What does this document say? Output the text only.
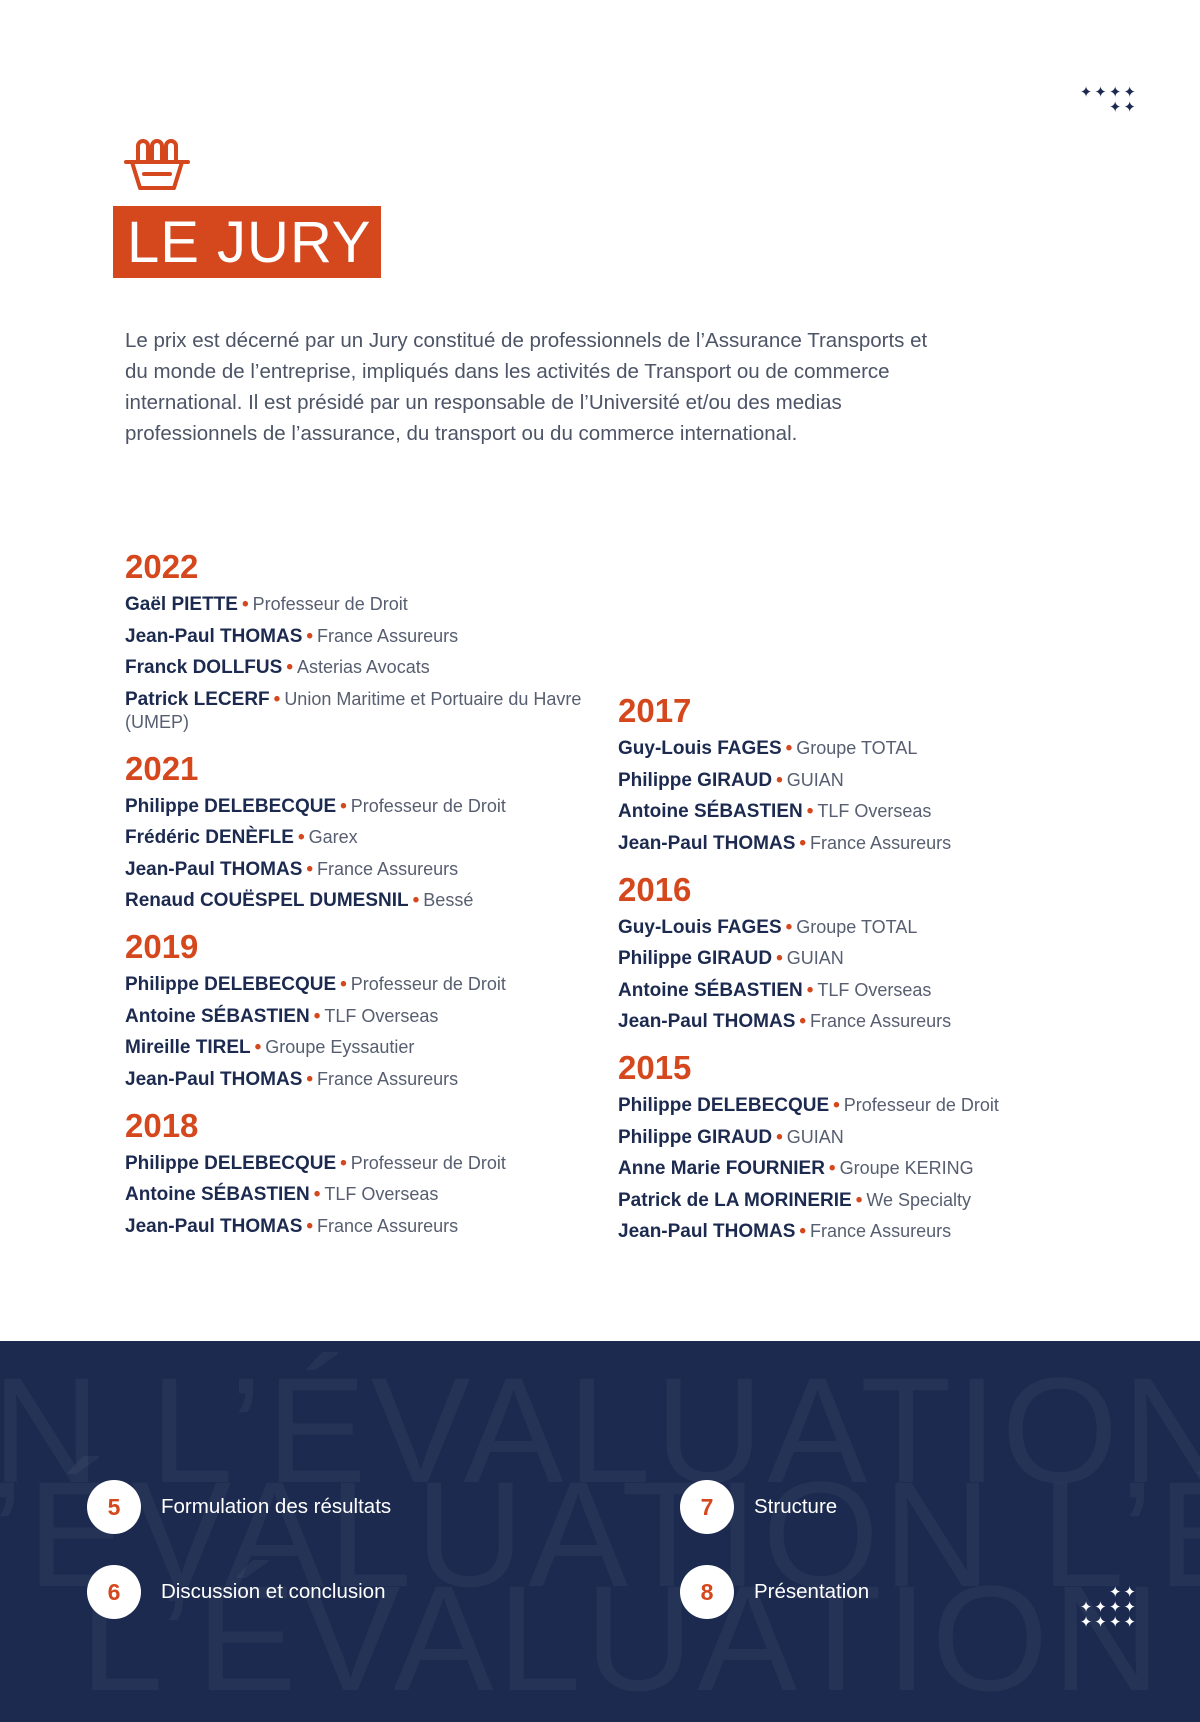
✦✦✦✦
✦✦
LE JURY

Le prix est décerné par un Jury constitué de professionnels de l’Assurance Transports et du monde de l’entreprise, impliqués dans les activités de Transport ou de commerce international. Il est présidé par un responsable de l’Université et/ou des medias professionnels de l’assurance, du transport ou du commerce international.

2022
Gaël PIETTE • Professeur de Droit
Jean-Paul THOMAS • France Assureurs
Franck DOLLFUS • Asterias Avocats
Patrick LECERF • Union Maritime et Portuaire du Havre (UMEP)
2021
Philippe DELEBECQUE • Professeur de Droit
Frédéric DENÈFLE • Garex
Jean-Paul THOMAS • France Assureurs
Renaud COUËSPEL DUMESNIL • Bessé
2019
Philippe DELEBECQUE • Professeur de Droit
Antoine SÉBASTIEN • TLF Overseas
Mireille TIREL • Groupe Eyssautier
Jean-Paul THOMAS • France Assureurs
2018
Philippe DELEBECQUE • Professeur de Droit
Antoine SÉBASTIEN • TLF Overseas
Jean-Paul THOMAS • France Assureurs
2017
Guy-Louis FAGES • Groupe TOTAL
Philippe GIRAUD • GUIAN
Antoine SÉBASTIEN • TLF Overseas
Jean-Paul THOMAS • France Assureurs
2016
Guy-Louis FAGES • Groupe TOTAL
Philippe GIRAUD • GUIAN
Antoine SÉBASTIEN • TLF Overseas
Jean-Paul THOMAS • France Assureurs
2015
Philippe DELEBECQUE • Professeur de Droit
Philippe GIRAUD • GUIAN
Anne Marie FOURNIER • Groupe KERING
Patrick de LA MORINERIE • We Specialty
Jean-Paul THOMAS • France Assureurs
5	Formulation des résultats	7	Structure
6	Discussion et conclusion	8	Présentation	✦✦
✦✦✦✦
✦✦✦✦
